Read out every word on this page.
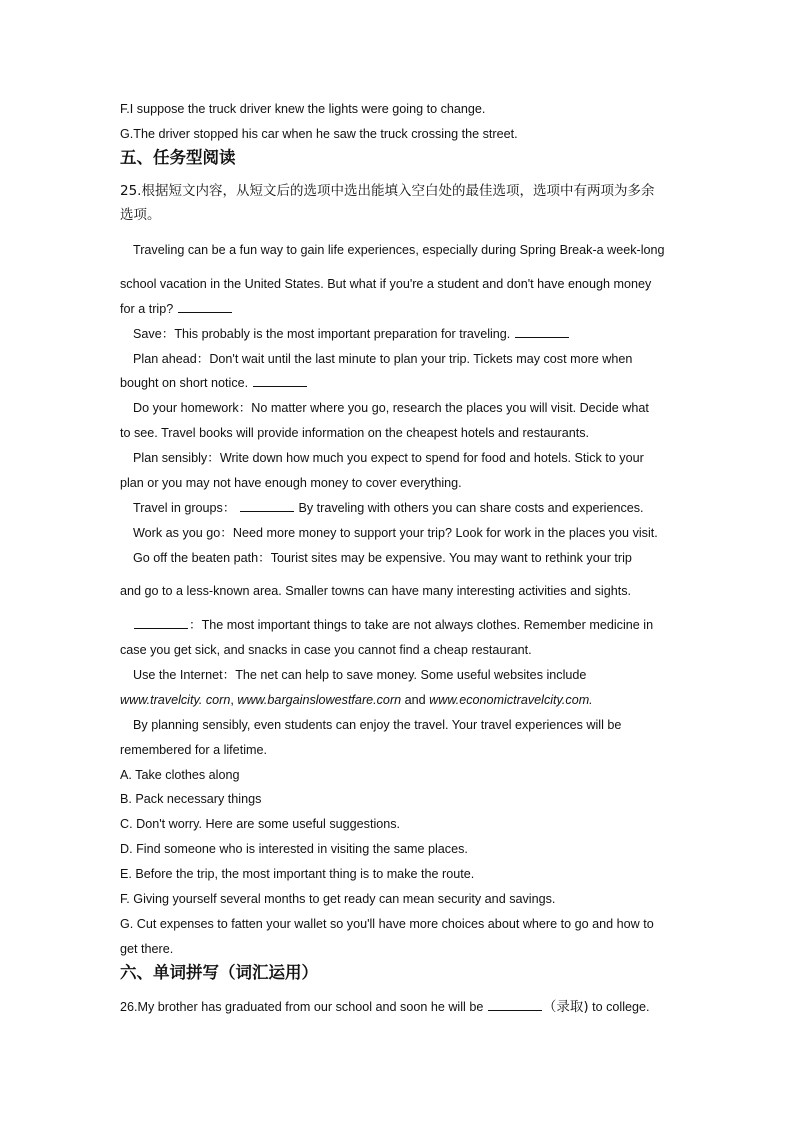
F.I suppose the truck driver knew the lights were going to change.
G.The driver stopped his car when he saw the truck crossing the street.
五、任务型阅读
25.根据短文内容，从短文后的选项中选出能填入空白处的最佳选项，选项中有两项为多余
选项。
Traveling can be a fun way to gain life experiences, especially during Spring Break-a week-long
school vacation in the United States. But what if you're a student and don't have enough money
for a trip?
Save：This probably is the most important preparation for traveling.
Plan ahead：Don't wait until the last minute to plan your trip. Tickets may cost more when
bought on short notice.
Do your homework：No matter where you go, research the places you will visit. Decide what
to see. Travel books will provide information on the cheapest hotels and restaurants.
Plan sensibly：Write down how much you expect to spend for food and hotels. Stick to your
plan or you may not have enough money to cover everything.
Travel in groups：	By traveling with others you can share costs and experiences.
Work as you go：Need more money to support your trip? Look for work in the places you visit.
Go off the beaten path：Tourist sites may be expensive. You may want to rethink your trip
and go to a less-known area. Smaller towns can have many interesting activities and sights.
：The most important things to take are not always clothes. Remember medicine in
case you get sick, and snacks in case you cannot find a cheap restaurant.
Use the Internet：The net can help to save money. Some useful websites include
www.travelcity. corn, www.bargainslowestfare.corn and www.economictravelcity.com.
By planning sensibly, even students can enjoy the travel. Your travel experiences will be
remembered for a lifetime.
A. Take clothes along
B. Pack necessary things
C. Don't worry. Here are some useful suggestions.
D. Find someone who is interested in visiting the same places.
E. Before the trip, the most important thing is to make the route.
F. Giving yourself several months to get ready can mean security and savings.
G. Cut expenses to fatten your wallet so you'll have more choices about where to go and how to
get there.
六、单词拼写（词汇运用）
26.My brother has graduated from our school and soon he will be	（录取) to college.
